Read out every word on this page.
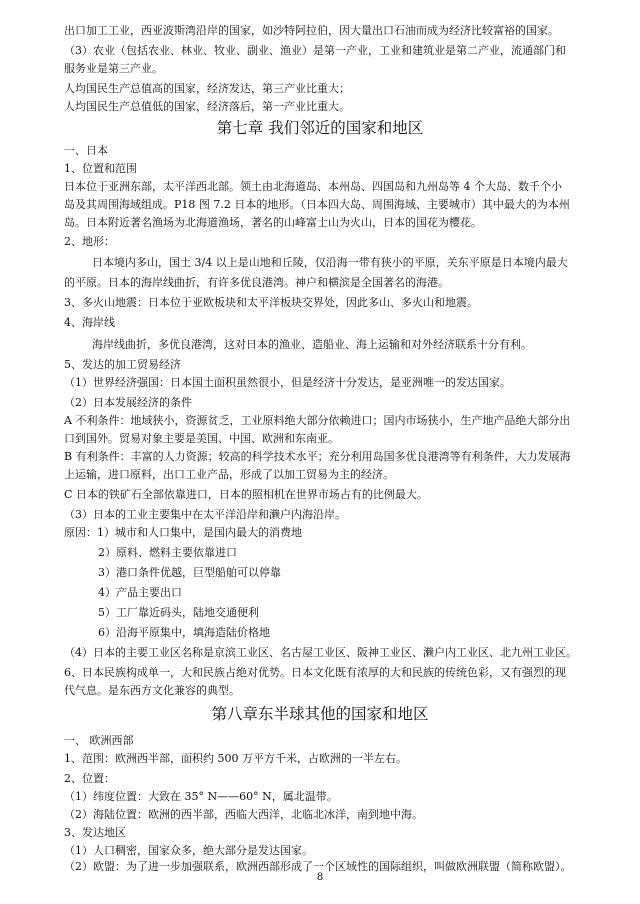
出口加工工业，西亚波斯湾沿岸的国家，如沙特阿拉伯，因大量出口石油而成为经济比较富裕的国家。
（3）农业（包括农业、林业、牧业、副业、渔业）是第一产业，工业和建筑业是第二产业，流通部门和
服务业是第三产业。
人均国民生产总值高的国家，经济发达，第三产业比重大；
人均国民生产总值低的国家，经济落后，第一产业比重大。
第七章 我们邻近的国家和地区
一、日本
1、位置和范围
日本位于亚洲东部，太平洋西北部。领土由北海道岛、本州岛、四国岛和九州岛等 4 个大岛、数千个小
岛及其周围海域组成。P18 图 7.2 日本的地形。（日本四大岛、周围海域、主要城市）其中最大的为本州
岛。日本附近著名渔场为北海道渔场，著名的山峰富士山为火山，日本的国花为樱花。
2、地形：
日本境内多山，国土 3/4 以上是山地和丘陵，仅沿海一带有狭小的平原，关东平原是日本境内最大
的平原。日本的海岸线曲折，有许多优良港湾。神户和横滨是全国著名的海港。
3、多火山地震：日本位于亚欧板块和太平洋板块交界处，因此多山、多火山和地震。
4、海岸线
海岸线曲折，多优良港湾，这对日本的渔业、造船业、海上运输和对外经济联系十分有利。
5、发达的加工贸易经济
（1）世界经济强国：日本国土面积虽然很小，但是经济十分发达，是亚洲唯一的发达国家。
（2）日本发展经济的条件
A 不利条件：地域狭小，资源贫乏，工业原料绝大部分依赖进口；国内市场狭小，生产地产品绝大部分出
口到国外。贸易对象主要是美国、中国、欧洲和东南亚。
B 有利条件：丰富的人力资源；较高的科学技术水平；充分利用岛国多优良港湾等有利条件，大力发展海
上运输，进口原料，出口工业产品，形成了以加工贸易为主的经济。
C 日本的铁矿石全部依靠进口，日本的照相机在世界市场占有的比例最大。
（3）日本的工业主要集中在太平洋沿岸和濑户内海沿岸。
原因：1）城市和人口集中，是国内最大的消费地
2）原料、燃料主要依靠进口
3）港口条件优越，巨型船舶可以停靠
4）产品主要出口
5）工厂靠近码头，陆地交通便利
6）沿海平原集中，填海造陆价格地
（4）日本的主要工业区名称是京滨工业区、名古屋工业区、阪神工业区、濑户内工业区、北九州工业区。
6、日本民族构成单一，大和民族占绝对优势。日本文化既有浓厚的大和民族的传统色彩，又有强烈的现
代气息。是东西方文化兼容的典型。
第八章东半球其他的国家和地区
一、 欧洲西部
1、范围：欧洲西半部，面积约 500 万平方千米，占欧洲的一半左右。
2、位置：
（1）纬度位置：大致在 35° N——60° N，属北温带。
（2）海陆位置：欧洲的西半部，西临大西洋，北临北冰洋，南到地中海。
3、发达地区
（1）人口稠密，国家众多，绝大部分是发达国家。
（2）欧盟：为了进一步加强联系，欧洲西部形成了一个区域性的国际组织，叫做欧洲联盟（简称欧盟）。
8
